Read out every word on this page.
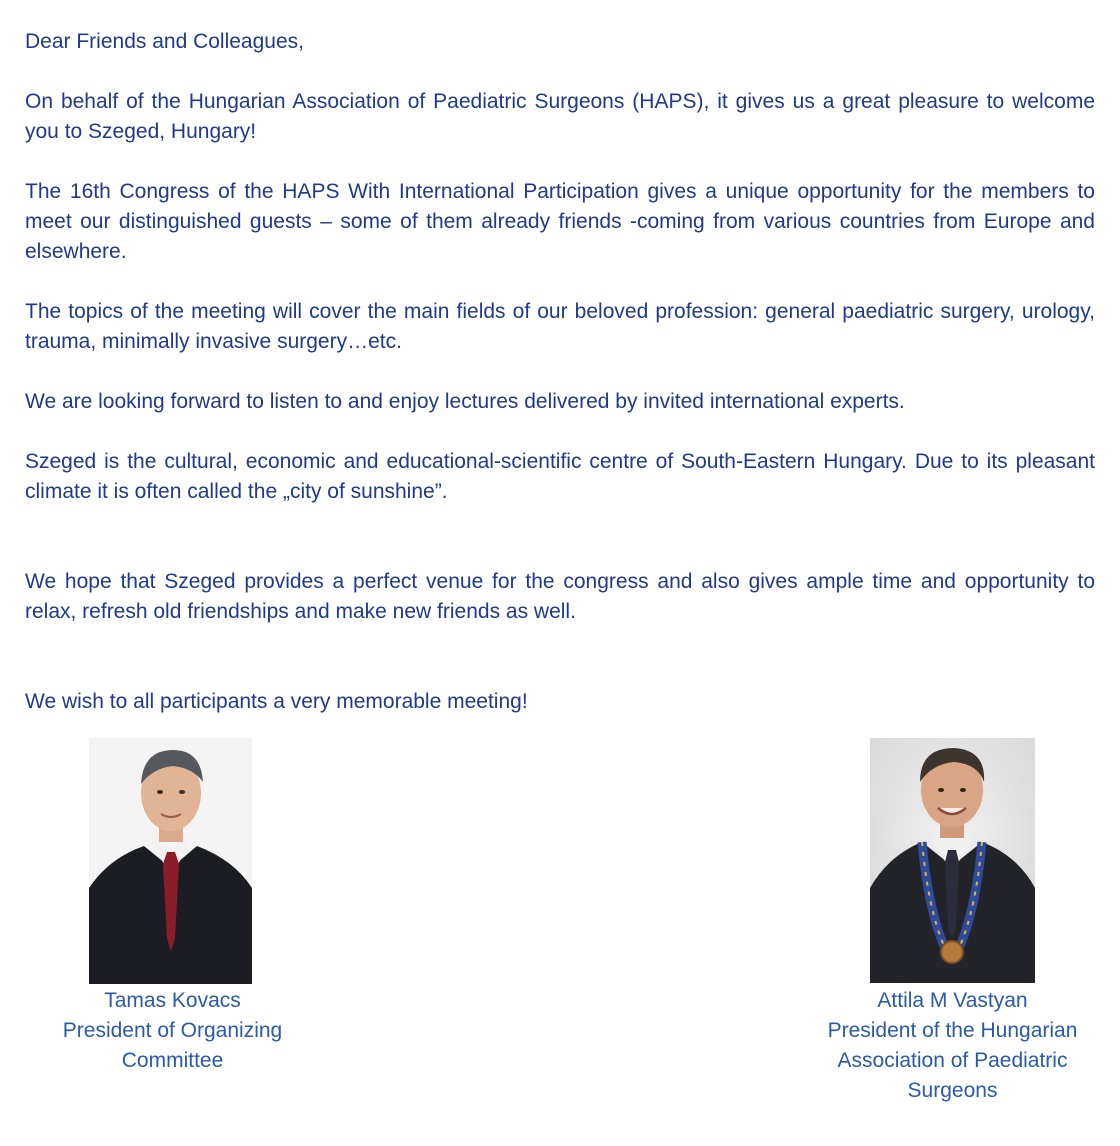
Dear Friends and Colleagues,

On behalf of the Hungarian Association of Paediatric Surgeons (HAPS), it gives us a great pleasure to welcome you to Szeged, Hungary!

The 16th Congress of the HAPS With International Participation gives a unique opportunity for the members to meet our distinguished guests – some of them already friends -coming from various countries from Europe and elsewhere.

The topics of the meeting will cover the main fields of our beloved profession: general paediatric surgery, urology, trauma, minimally invasive surgery…etc.

We are looking forward to listen to and enjoy lectures delivered by invited international experts.

Szeged is the cultural, economic and educational-scientific centre of South-Eastern Hungary. Due to its pleasant climate it is often called the „city of sunshine”.

We hope that Szeged provides a perfect venue for the congress and also gives ample time and opportunity to relax, refresh old friendships and make new friends as well.

We wish to all participants a very memorable meeting!

Tamas Kovacs
President of Organizing
Committee
Attila M Vastyan
President of the Hungarian
Association of Paediatric
Surgeons
